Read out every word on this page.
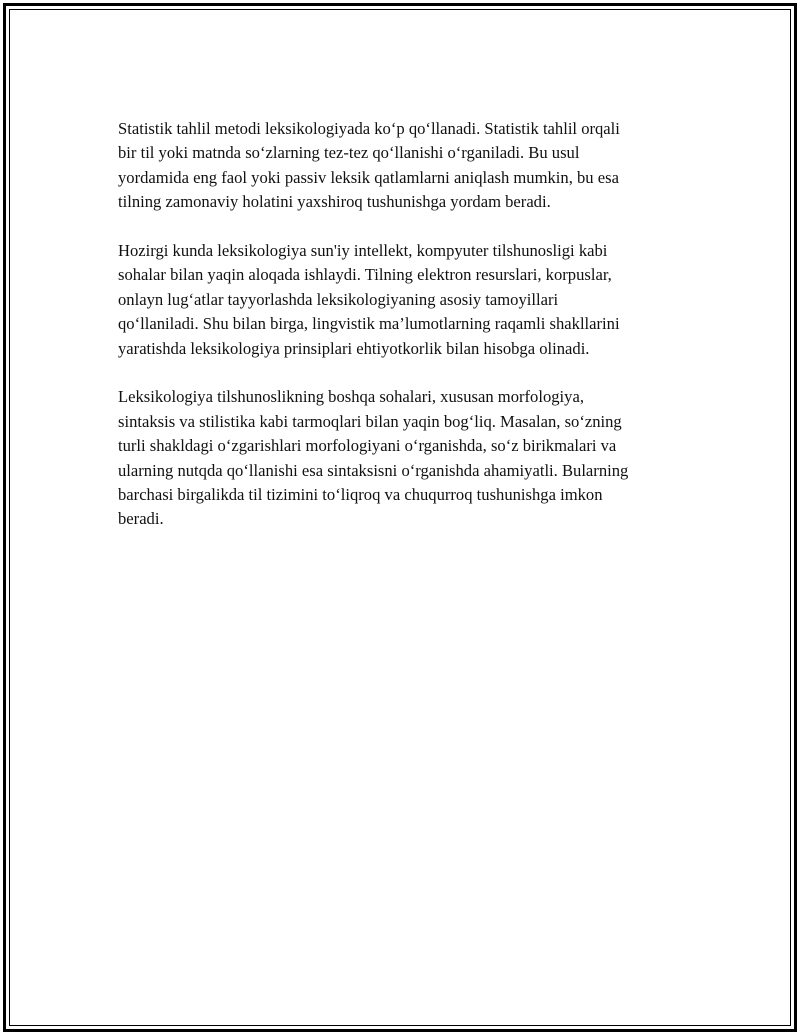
Statistik tahlil metodi leksikologiyada ko‘p qo‘llanadi. Statistik tahlil orqali
bir til yoki matnda so‘zlarning tez-tez qo‘llanishi o‘rganiladi. Bu usul
yordamida eng faol yoki passiv leksik qatlamlarni aniqlash mumkin, bu esa
tilning zamonaviy holatini yaxshiroq tushunishga yordam beradi.

Hozirgi kunda leksikologiya sun'iy intellekt, kompyuter tilshunosligi kabi
sohalar bilan yaqin aloqada ishlaydi. Tilning elektron resurslari, korpuslar,
onlayn lug‘atlar tayyorlashda leksikologiyaning asosiy tamoyillari
qo‘llaniladi. Shu bilan birga, lingvistik ma’lumotlarning raqamli shakllarini
yaratishda leksikologiya prinsiplari ehtiyotkorlik bilan hisobga olinadi.

Leksikologiya tilshunoslikning boshqa sohalari, xususan morfologiya,
sintaksis va stilistika kabi tarmoqlari bilan yaqin bog‘liq. Masalan, so‘zning
turli shakldagi o‘zgarishlari morfologiyani o‘rganishda, so‘z birikmalari va
ularning nutqda qo‘llanishi esa sintaksisni o‘rganishda ahamiyatli. Bularning
barchasi birgalikda til tizimini to‘liqroq va chuqurroq tushunishga imkon
beradi.
